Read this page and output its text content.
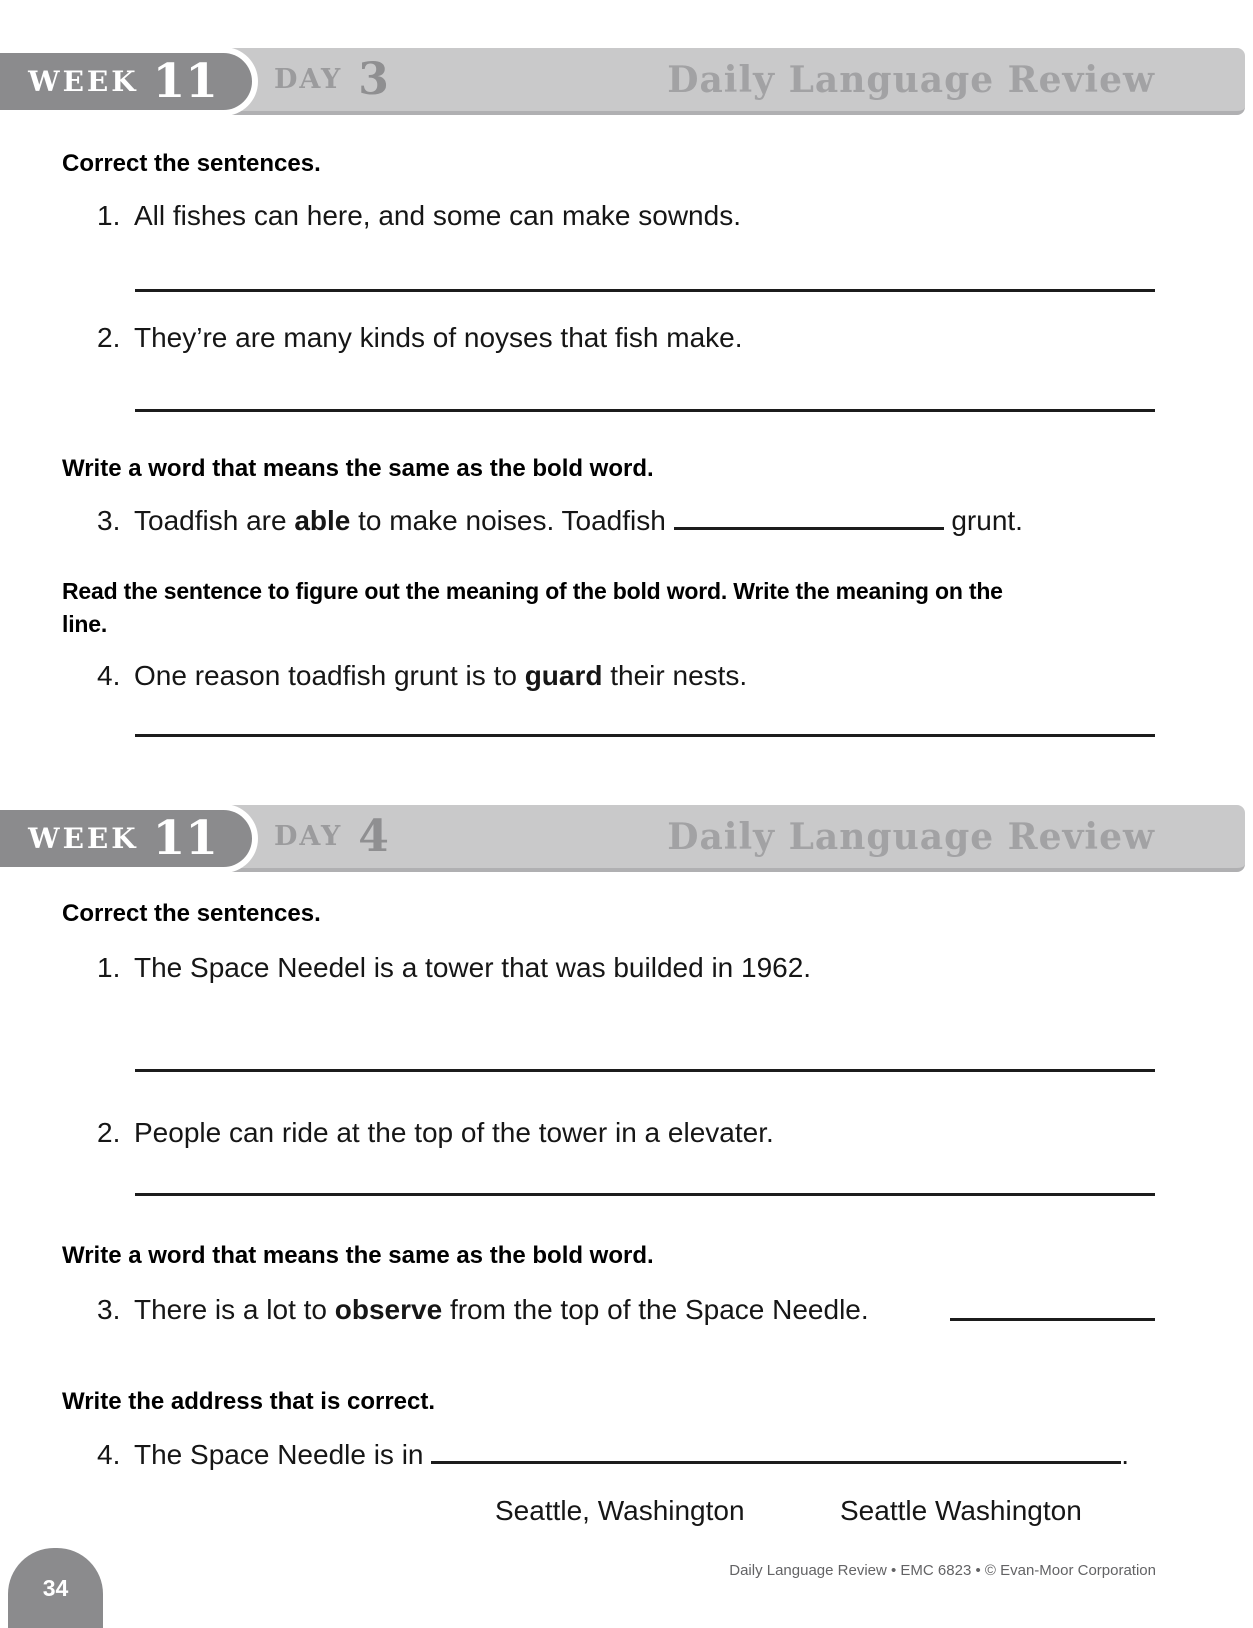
WEEK 11 DAY 3	Daily Language Review
Correct the sentences.
1. All fishes can here, and some can make sownds.
2. They’re are many kinds of noyses that fish make.
Write a word that means the same as the bold word.
3. Toadfish are able to make noises. Toadfish	grunt.
Read the sentence to figure out the meaning of the bold word. Write the meaning on the line.
4. One reason toadfish grunt is to guard their nests.
WEEK 11 DAY 4	Daily Language Review
Correct the sentences.
1. The Space Needel is a tower that was builded in 1962.
2. People can ride at the top of the tower in a elevater.
Write a word that means the same as the bold word.
3. There is a lot to observe from the top of the Space Needle.
Write the address that is correct.
4. The Space Needle is in	.
Seattle, Washington	Seattle Washington
34
Daily Language Review • EMC 6823 • © Evan-Moor Corporation
